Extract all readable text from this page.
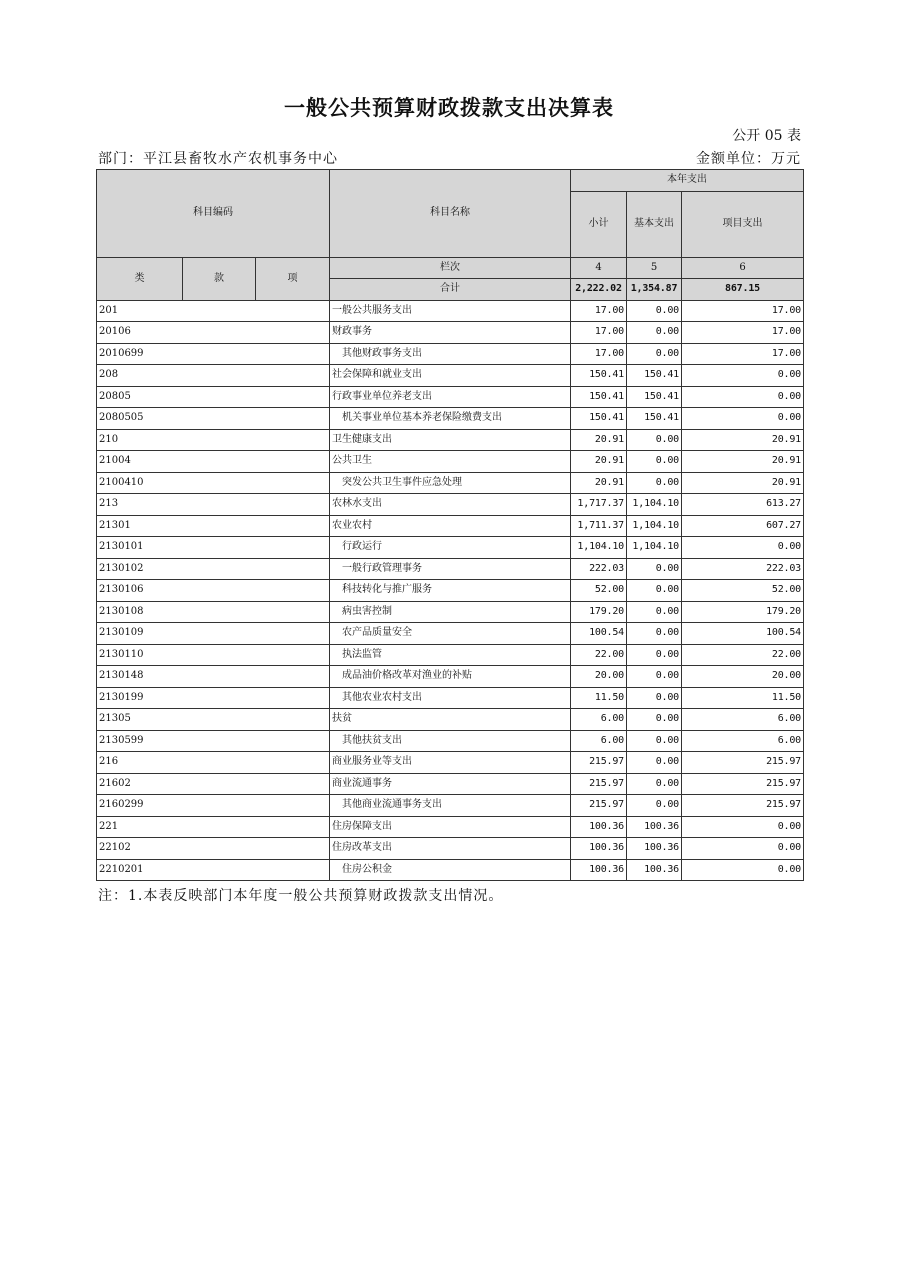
一般公共预算财政拨款支出决算表
公开 05 表
部门：平江县畜牧水产农机事务中心	金额单位：万元
科目编码			科目名称	本年支出		
				小计	基本支出	项目支出

类	款	项	栏次	4	5	6
			合计	2,222.02	1,354.87	867.15
201			一般公共服务支出	17.00	0.00	17.00
20106			财政事务	17.00	0.00	17.00
2010699			其他财政事务支出	17.00	0.00	17.00
208			社会保障和就业支出	150.41	150.41	0.00
20805			行政事业单位养老支出	150.41	150.41	0.00
2080505			机关事业单位基本养老保险缴费支出	150.41	150.41	0.00
210			卫生健康支出	20.91	0.00	20.91
21004			公共卫生	20.91	0.00	20.91
2100410			突发公共卫生事件应急处理	20.91	0.00	20.91
213			农林水支出	1,717.37	1,104.10	613.27
21301			农业农村	1,711.37	1,104.10	607.27
2130101			行政运行	1,104.10	1,104.10	0.00
2130102			一般行政管理事务	222.03	0.00	222.03
2130106			科技转化与推广服务	52.00	0.00	52.00
2130108			病虫害控制	179.20	0.00	179.20
2130109			农产品质量安全	100.54	0.00	100.54
2130110			执法监管	22.00	0.00	22.00
2130148			成品油价格改革对渔业的补贴	20.00	0.00	20.00
2130199			其他农业农村支出	11.50	0.00	11.50
21305			扶贫	6.00	0.00	6.00
2130599			其他扶贫支出	6.00	0.00	6.00
216			商业服务业等支出	215.97	0.00	215.97
21602			商业流通事务	215.97	0.00	215.97
2160299			其他商业流通事务支出	215.97	0.00	215.97
221			住房保障支出	100.36	100.36	0.00
22102			住房改革支出	100.36	100.36	0.00
2210201			住房公积金	100.36	100.36	0.00
注：1.本表反映部门本年度一般公共预算财政拨款支出情况。
